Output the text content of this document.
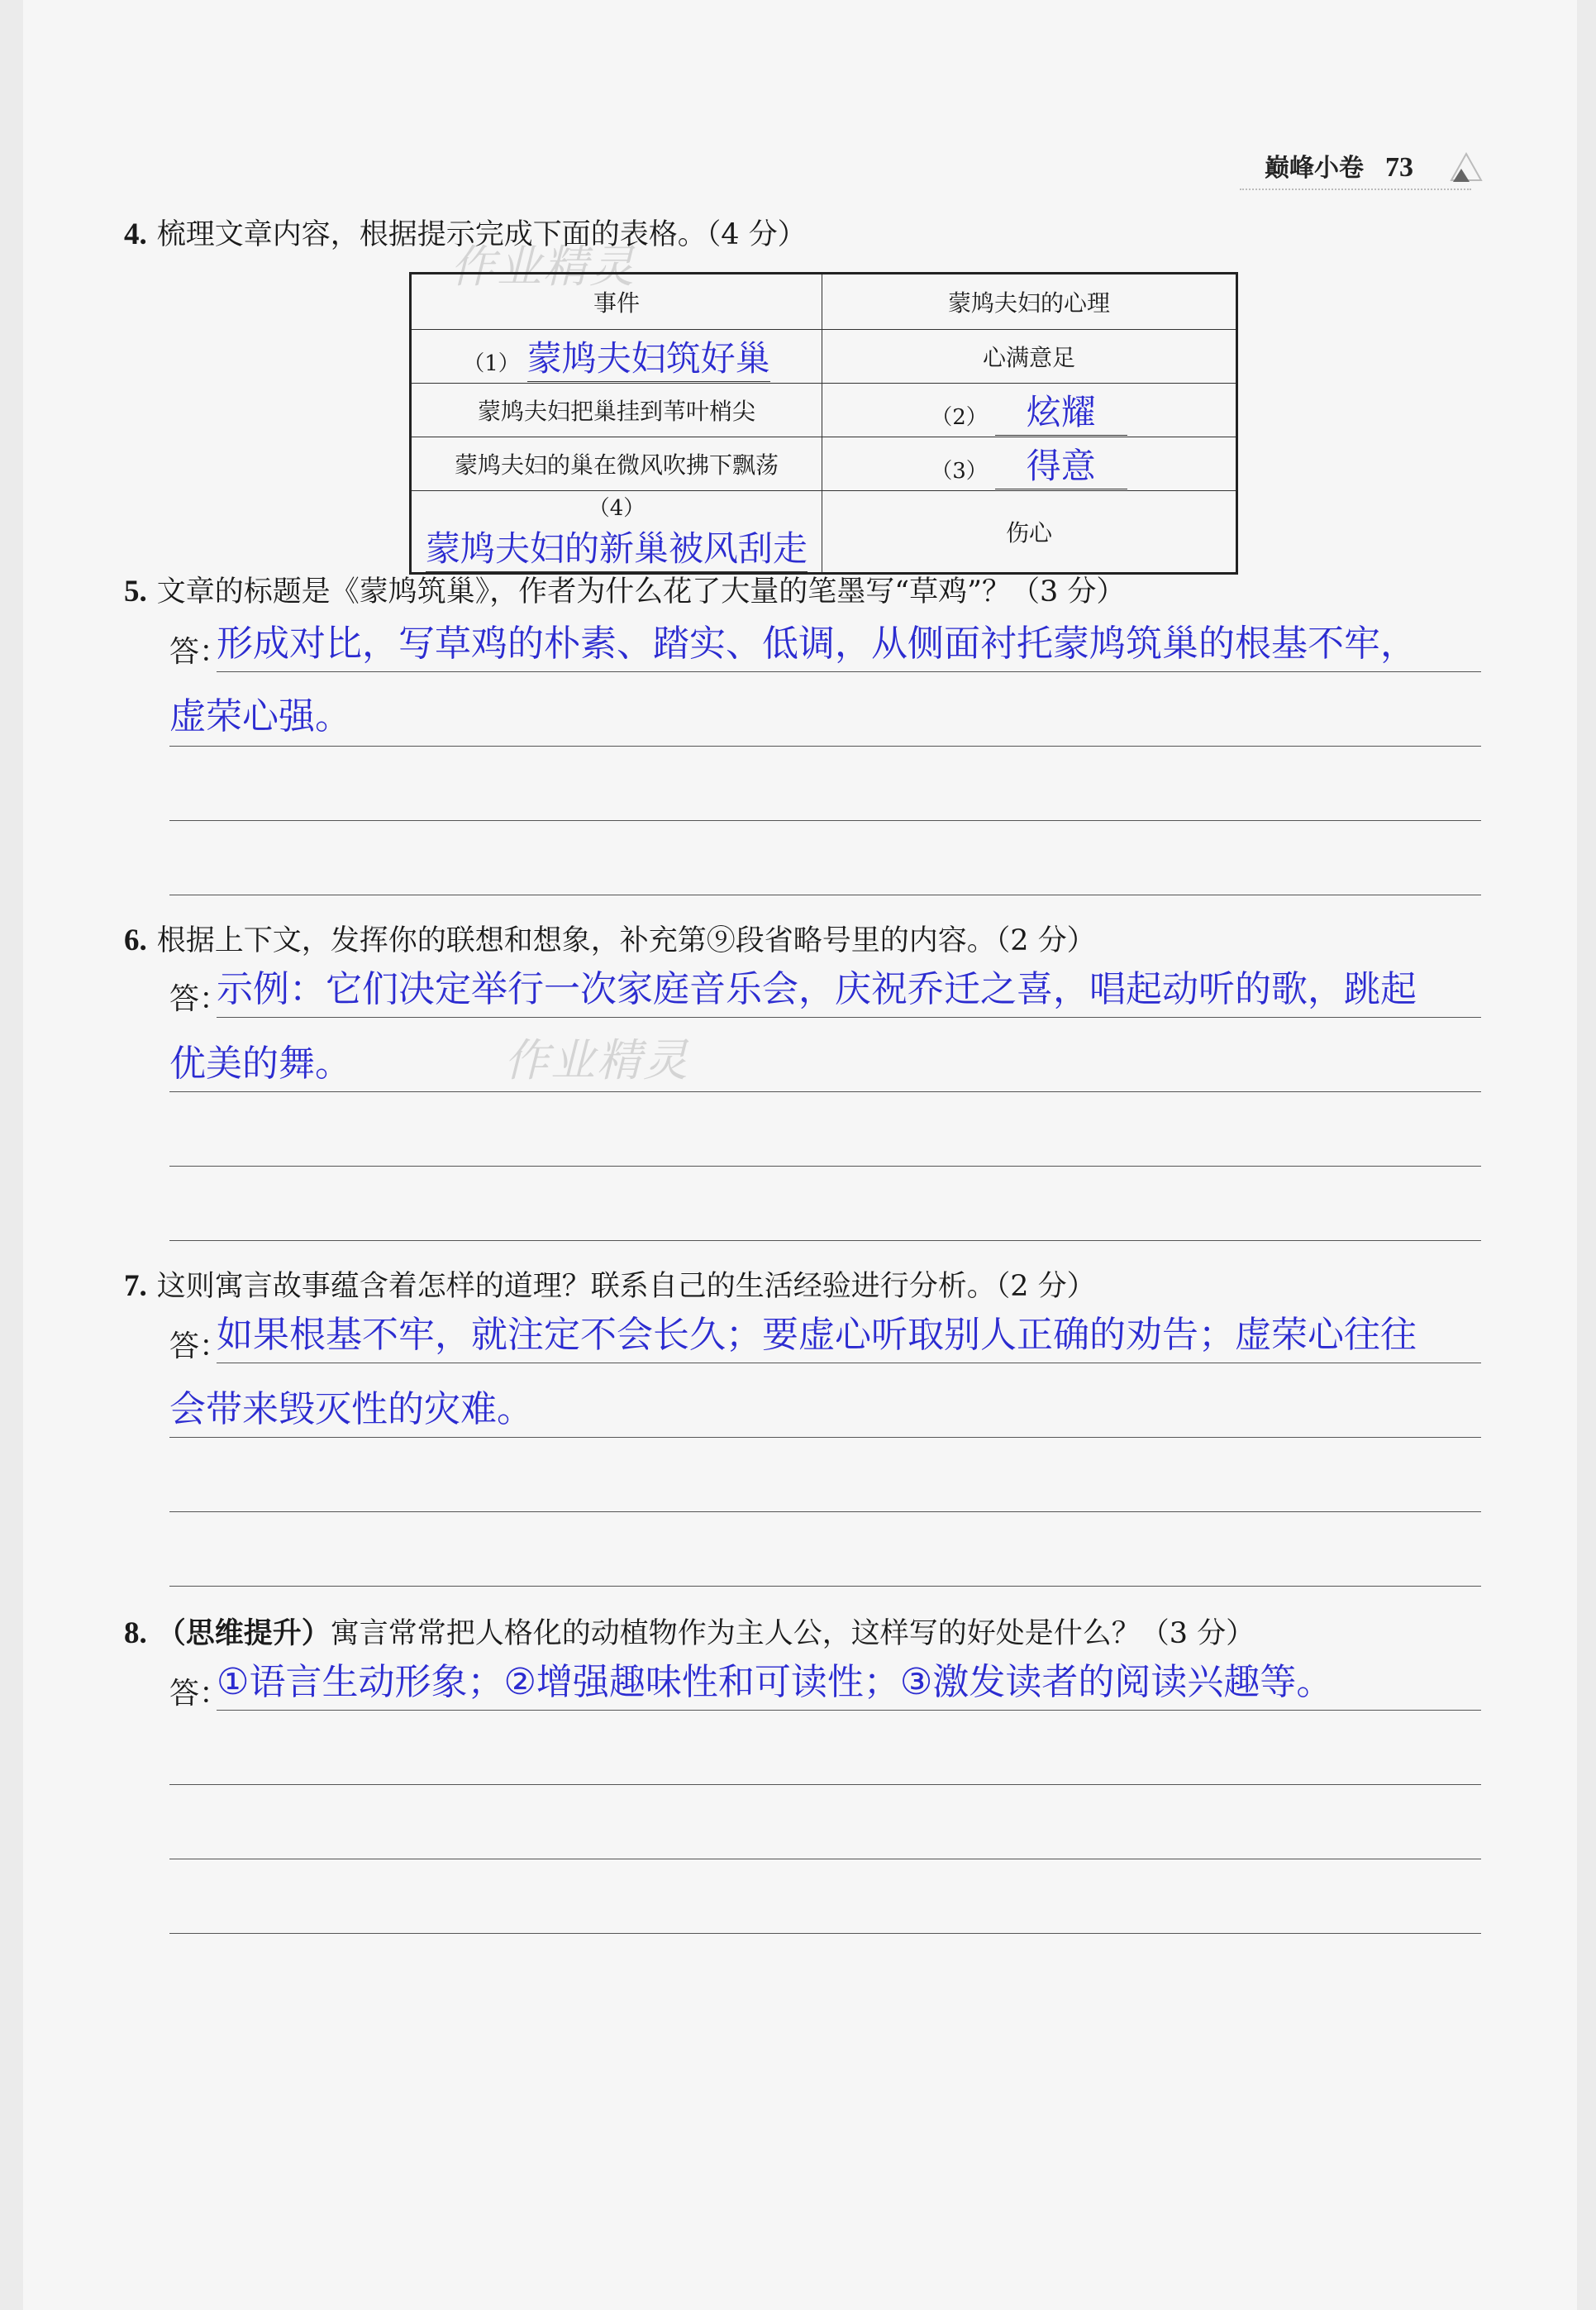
巅峰小卷 73
作业精灵
作业精灵
4. 梳理文章内容，根据提示完成下面的表格。（4 分）
事件	蒙鸠夫妇的心理
（1） 蒙鸠夫妇筑好巢	心满意足
蒙鸠夫妇把巢挂到苇叶梢尖	（2） 炫耀
蒙鸠夫妇的巢在微风吹拂下飘荡	（3） 得意
（4） 蒙鸠夫妇的新巢被风刮走	伤心
5. 文章的标题是《蒙鸠筑巢》，作者为什么花了大量的笔墨写“草鸡”？（3 分）
答：
形成对比，写草鸡的朴素、踏实、低调，从侧面衬托蒙鸠筑巢的根基不牢，
虚荣心强。
6. 根据上下文，发挥你的联想和想象，补充第⑨段省略号里的内容。（2 分）
答：
示例：它们决定举行一次家庭音乐会，庆祝乔迁之喜，唱起动听的歌，跳起
优美的舞。
7. 这则寓言故事蕴含着怎样的道理？联系自己的生活经验进行分析。（2 分）
答：
如果根基不牢，就注定不会长久；要虚心听取别人正确的劝告；虚荣心往往
会带来毁灭性的灾难。
8. （思维提升）寓言常常把人格化的动植物作为主人公，这样写的好处是什么？（3 分）
答：
①语言生动形象；②增强趣味性和可读性；③激发读者的阅读兴趣等。
